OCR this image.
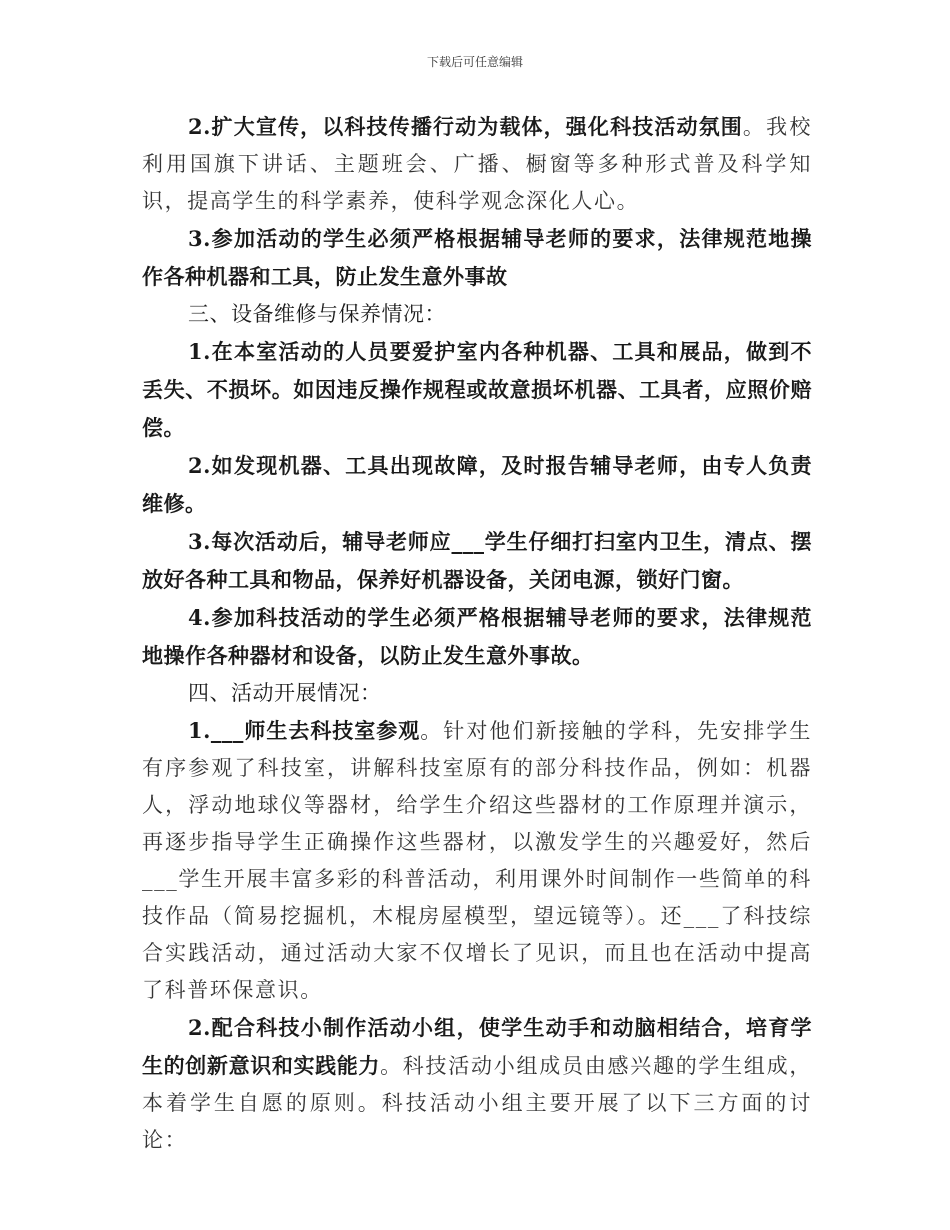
下载后可任意编辑

2.扩大宣传，以科技传播行动为载体，强化科技活动氛围。我校利用国旗下讲话、主题班会、广播、橱窗等多种形式普及科学知识，提高学生的科学素养，使科学观念深化人心。

3.参加活动的学生必须严格根据辅导老师的要求，法律规范地操作各种机器和工具，防止发生意外事故

三、设备维修与保养情况：

1.在本室活动的人员要爱护室内各种机器、工具和展品，做到不丢失、不损坏。如因违反操作规程或故意损坏机器、工具者，应照价赔偿。

2.如发现机器、工具出现故障，及时报告辅导老师，由专人负责维修。

3.每次活动后，辅导老师应___学生仔细打扫室内卫生，清点、摆放好各种工具和物品，保养好机器设备，关闭电源，锁好门窗。

4.参加科技活动的学生必须严格根据辅导老师的要求，法律规范地操作各种器材和设备，以防止发生意外事故。

四、活动开展情况：

1.___师生去科技室参观。针对他们新接触的学科，先安排学生有序参观了科技室，讲解科技室原有的部分科技作品，例如：机器人，浮动地球仪等器材，给学生介绍这些器材的工作原理并演示，再逐步指导学生正确操作这些器材，以激发学生的兴趣爱好，然后___学生开展丰富多彩的科普活动，利用课外时间制作一些简单的科技作品（简易挖掘机，木棍房屋模型，望远镜等）。还___了科技综合实践活动，通过活动大家不仅增长了见识，而且也在活动中提高了科普环保意识。

2.配合科技小制作活动小组，使学生动手和动脑相结合，培育学生的创新意识和实践能力。科技活动小组成员由感兴趣的学生组成，本着学生自愿的原则。科技活动小组主要开展了以下三方面的讨论：
